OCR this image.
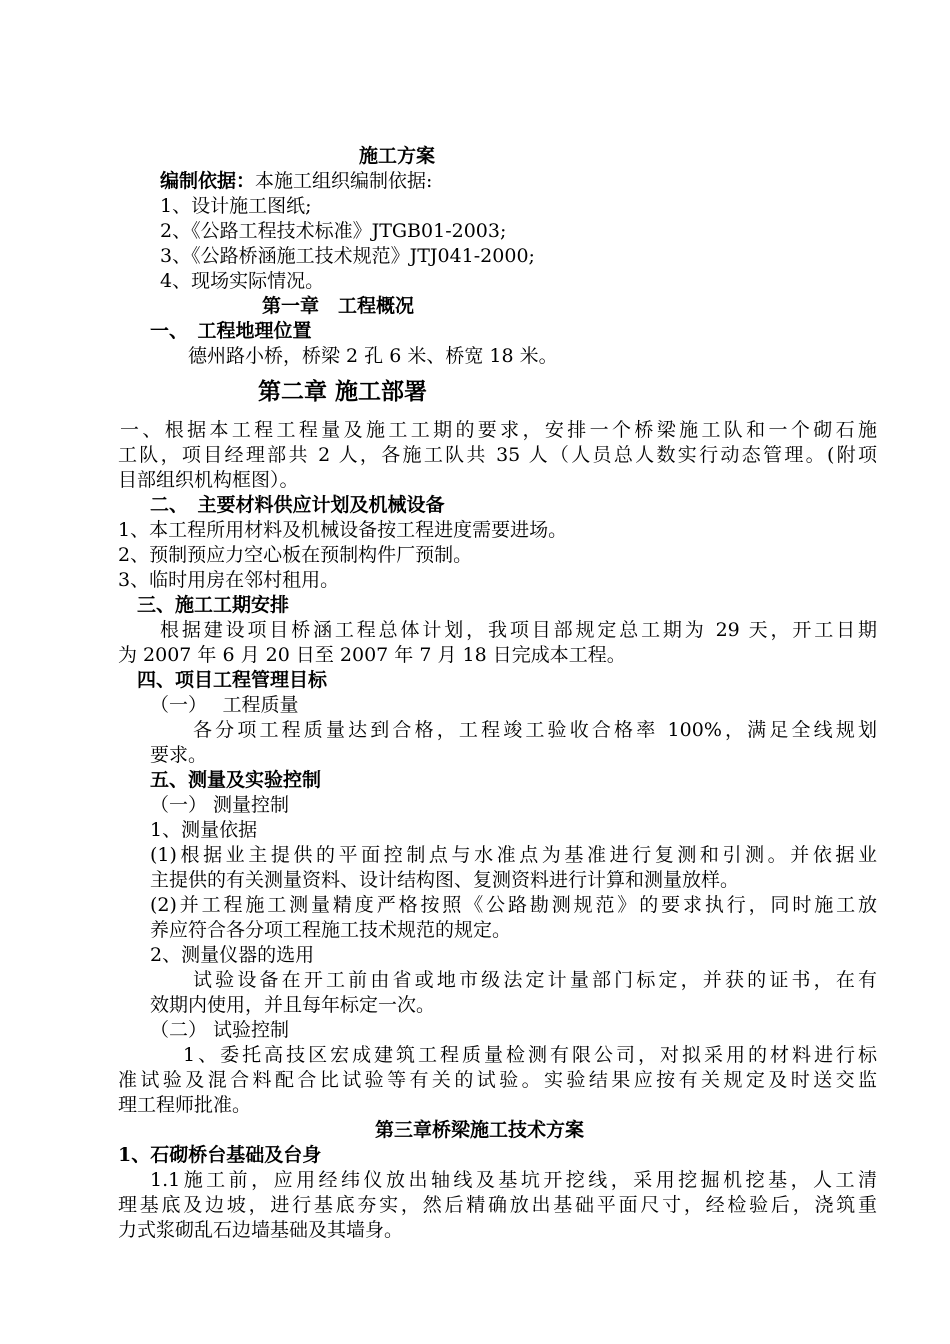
施工方案
编制依据：本施工组织编制依据:
1、设计施工图纸;
2、《公路工程技术标准》JTGB01-2003;
3、《公路桥涵施工技术规范》JTJ041-2000;
4、现场实际情况。
第一章　工程概况
一、　工程地理位置
德州路小桥，桥梁 2 孔 6 米、桥宽 18 米。
第二章 施工部署
一、根据本工程工程量及施工工期的要求，安排一个桥梁施工队和一个砌石施
工队，项目经理部共 2 人，各施工队共 35 人（人员总人数实行动态管理。(附项
目部组织机构框图）。
二、　主要材料供应计划及机械设备
1、本工程所用材料及机械设备按工程进度需要进场。
2、预制预应力空心板在预制构件厂预制。
3、临时用房在邻村租用。
三、施工工期安排
根据建设项目桥涵工程总体计划，我项目部规定总工期为 29 天，开工日期
为 2007 年 6 月 20 日至 2007 年 7 月 18 日完成本工程。
四、项目工程管理目标
（一）　 工程质量
各分项工程质量达到合格，工程竣工验收合格率 100%，满足全线规划
要求。
五、测量及实验控制
（一） 测量控制
1、测量依据
(1)根据业主提供的平面控制点与水准点为基准进行复测和引测。并依据业
主提供的有关测量资料、设计结构图、复测资料进行计算和测量放样。
(2)并工程施工测量精度严格按照《公路勘测规范》的要求执行，同时施工放
养应符合各分项工程施工技术规范的规定。
2、测量仪器的选用
试验设备在开工前由省或地市级法定计量部门标定，并获的证书，在有
效期内使用，并且每年标定一次。
（二） 试验控制
1、委托高技区宏成建筑工程质量检测有限公司，对拟采用的材料进行标
准试验及混合料配合比试验等有关的试验。实验结果应按有关规定及时送交监
理工程师批准。
第三章桥梁施工技术方案
1、石砌桥台基础及台身
1.1施工前，应用经纬仪放出轴线及基坑开挖线，采用挖掘机挖基，人工清
理基底及边坡，进行基底夯实，然后精确放出基础平面尺寸，经检验后，浇筑重
力式浆砌乱石边墙基础及其墙身。
